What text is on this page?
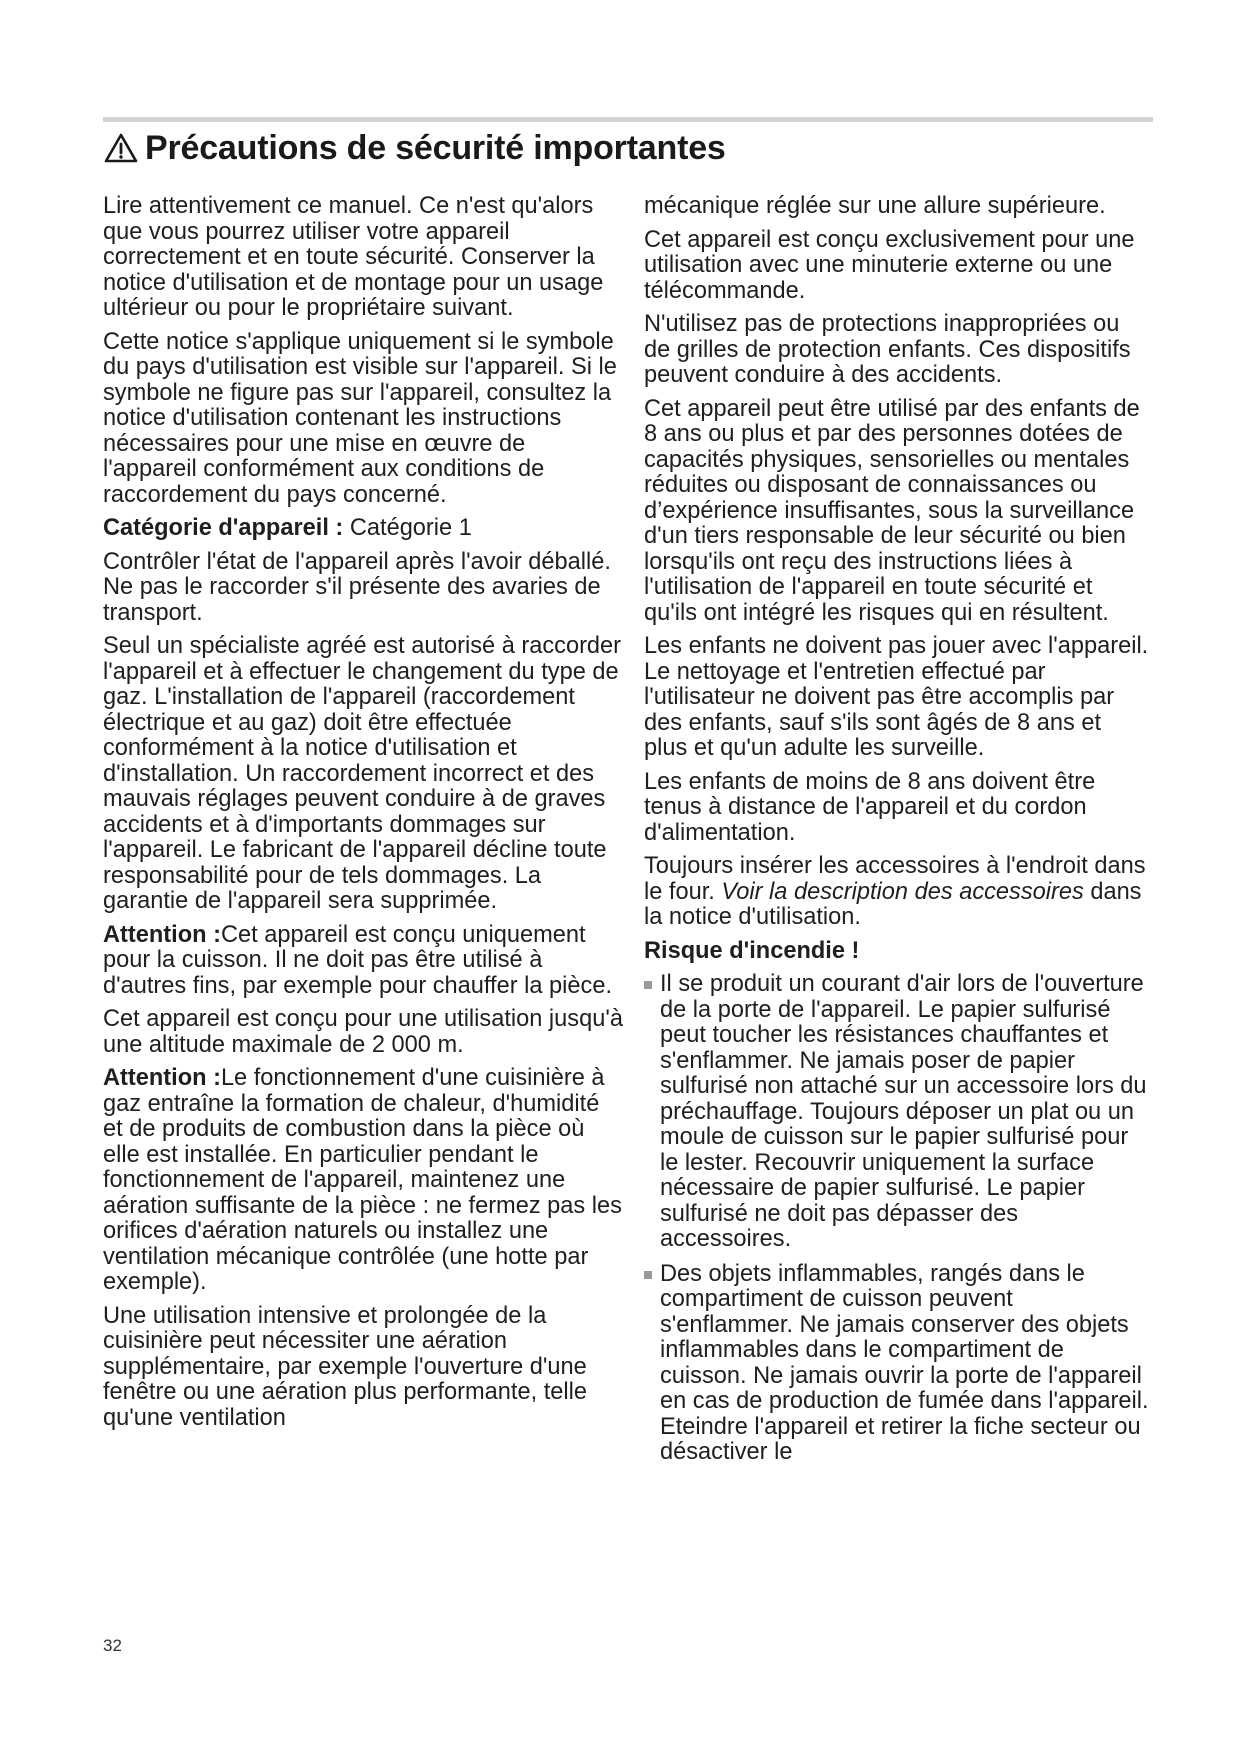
Précautions de sécurité importantes

Lire attentivement ce manuel. Ce n'est qu'alors que vous pourrez utiliser votre appareil correctement et en toute sécurité. Conserver la notice d'utilisation et de montage pour un usage ultérieur ou pour le propriétaire suivant.

Cette notice s'applique uniquement si le symbole du pays d'utilisation est visible sur l'appareil. Si le symbole ne figure pas sur l'appareil, consultez la notice d'utilisation contenant les instructions nécessaires pour une mise en œuvre de l'appareil conformément aux conditions de raccordement du pays concerné.

Catégorie d'appareil : Catégorie 1

Contrôler l'état de l'appareil après l'avoir déballé. Ne pas le raccorder s'il présente des avaries de transport.

Seul un spécialiste agréé est autorisé à raccorder l'appareil et à effectuer le changement du type de gaz. L'installation de l'appareil (raccordement électrique et au gaz) doit être effectuée conformément à la notice d'utilisation et d'installation. Un raccordement incorrect et des mauvais réglages peuvent conduire à de graves accidents et à d'importants dommages sur l'appareil. Le fabricant de l'appareil décline toute responsabilité pour de tels dommages. La garantie de l'appareil sera supprimée.

Attention :Cet appareil est conçu uniquement pour la cuisson. Il ne doit pas être utilisé à d'autres fins, par exemple pour chauffer la pièce.

Cet appareil est conçu pour une utilisation jusqu'à une altitude maximale de 2 000 m.

Attention :Le fonctionnement d'une cuisinière à gaz entraîne la formation de chaleur, d'humidité et de produits de combustion dans la pièce où elle est installée. En particulier pendant le fonctionnement de l'appareil, maintenez une aération suffisante de la pièce : ne fermez pas les orifices d'aération naturels ou installez une ventilation mécanique contrôlée (une hotte par exemple).

Une utilisation intensive et prolongée de la cuisinière peut nécessiter une aération supplémentaire, par exemple l'ouverture d'une fenêtre ou une aération plus performante, telle qu'une ventilation

mécanique réglée sur une allure supérieure.

Cet appareil est conçu exclusivement pour une utilisation avec une minuterie externe ou une télécommande.

N'utilisez pas de protections inappropriées ou de grilles de protection enfants. Ces dispositifs peuvent conduire à des accidents.

Cet appareil peut être utilisé par des enfants de 8 ans ou plus et par des personnes dotées de capacités physiques, sensorielles ou mentales réduites ou disposant de connaissances ou d’expérience insuffisantes, sous la surveillance d'un tiers responsable de leur sécurité ou bien lorsqu'ils ont reçu des instructions liées à l'utilisation de l'appareil en toute sécurité et qu'ils ont intégré les risques qui en résultent.

Les enfants ne doivent pas jouer avec l'appareil. Le nettoyage et l'entretien effectué par l'utilisateur ne doivent pas être accomplis par des enfants, sauf s'ils sont âgés de 8 ans et plus et qu'un adulte les surveille.

Les enfants de moins de 8 ans doivent être tenus à distance de l'appareil et du cordon d'alimentation.

Toujours insérer les accessoires à l'endroit dans le four. Voir la description des accessoires dans la notice d'utilisation.

Risque d'incendie !

Il se produit un courant d'air lors de l'ouverture de la porte de l'appareil. Le papier sulfurisé peut toucher les résistances chauffantes et s'enflammer. Ne jamais poser de papier sulfurisé non attaché sur un accessoire lors du préchauffage. Toujours déposer un plat ou un moule de cuisson sur le papier sulfurisé pour le lester. Recouvrir uniquement la surface nécessaire de papier sulfurisé. Le papier sulfurisé ne doit pas dépasser des accessoires.
Des objets inflammables, rangés dans le compartiment de cuisson peuvent s'enflammer. Ne jamais conserver des objets inflammables dans le compartiment de cuisson. Ne jamais ouvrir la porte de l'appareil en cas de production de fumée dans l'appareil. Eteindre l'appareil et retirer la fiche secteur ou désactiver le
32
